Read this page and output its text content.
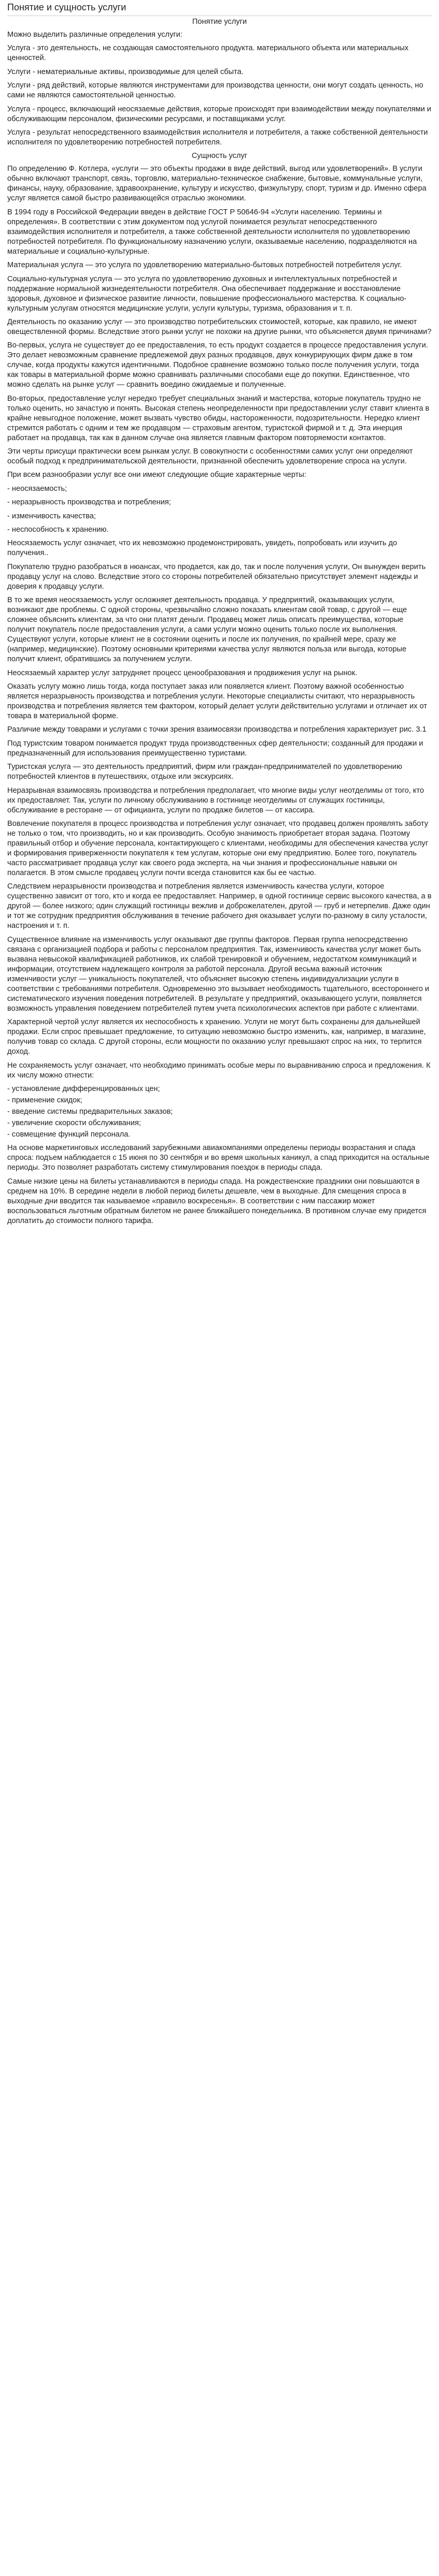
Понятие и сущность услуги

Понятие услуги

Можно выделить различные определения услуги:

Услуга - это деятельность, не создающая самостоятельного продукта. материального объекта или материальных ценностей.

Услуги - нематериальные активы, производимые для целей сбыта.

Услуги - ряд действий, которые являются инструментами для производства ценности, они могут создать ценность, но сами не являются самостоятельной ценностью.

Услуга - процесс, включающий неосязаемые действия, которые происходят при взаимодействии между покупателями и обслуживающим персоналом, физическими ресурсами, и поставщиками услуг.

Услуга - результат непосредственного взаимодействия исполнителя и потребителя, а также собственной деятельности исполнителя по удовлетворению потребностей потребителя.

Сущность услуг

По определению Ф. Котлера, «услуги — это объекты продажи в виде действий, выгод или удовлетворений». В услуги обычно включают транспорт, связь, торговлю, материально-техническое снабжение, бытовые, коммунальные услуги, финансы, науку, образование, здравоохранение, культуру и искусство, физкультуру, спорт, туризм и др. Именно сфера услуг является самой быстро развивающейся отраслью экономики.

В 1994 году в Российской Федерации введен в действие ГОСТ Р 50646-94 «Услуги населению. Термины и определения». В соответствии с этим документом под услугой понимается результат непосредственного взаимодействия исполнителя и потребителя, а также собственной деятельности исполнителя по удовлетворению потребностей потребителя. По функциональному назначению услуги, оказываемые населению, подразделяются на материальные и социально-культурные.

Материальная услуга — это услуга по удовлетворению материально-бытовых потребностей потребителя услуг.

Социально-культурная услуга — это услуга по удовлетворению духовных и интеллектуальных потребностей и поддержание нормальной жизнедеятельности потребителя. Она обеспечивает поддержание и восстановление здоровья, духовное и физическое развитие личности, повышение профессионального мастерства. К социально-культурным услугам относятся медицинские услуги, услуги культуры, туризма, образования и т. п.

Деятельность по оказанию услуг — это производство потребительских стоимостей, которые, как правило, не имеют овеществленной формы. Вследствие этого рынки услуг не похожи на другие рынки, что объясняется двумя причинами?

Во-первых, услуга не существует до ее предоставления, то есть продукт создается в процессе предоставления услуги. Это делает невозможным сравнение предлежемой двух разных продавцов, двух конкурирующих фирм даже в том случае, когда продукты кажутся идентичными. Подобное сравнение возможно только после получения услуги, тогда как товары в материальной форме можно сравнивать различными способами еще до покупки. Единственное, что можно сделать на рынке услуг — сравнить воедино ожидаемые и полученные.

Во-вторых, предоставление услуг нередко требует специальных знаний и мастерства, которые покупатель трудно не только оценить, но зачастую и понять. Высокая степень неопределенности при предоставлении услуг ставит клиента в крайне невыгодное положение, может вызвать чувство обиды, настороженности, подозрительности. Нередко клиент стремится работать с одним и тем же продавцом — страховым агентом, туристской фирмой и т. д. Эта инерция работает на продавца, так как в данном случае она является главным фактором повторяемости контактов.

Эти черты присущи практически всем рынкам услуг. В совокупности с особенностями самих услуг они определяют особый подход к предпринимательской деятельности, признанной обеспечить удовлетворение спроса на услуги.

При всем разнообразии услуг все они имеют следующие общие характерные черты:

- неосязаемость;

- неразрывность производства и потребления;

- изменчивость качества;

- неспособность к хранению.

Неосязаемость услуг означает, что их невозможно продемонстрировать, увидеть, попробовать или изучить до получения..

Покупателю трудно разобраться в нюансах, что продается, как до, так и после получения услуги, Он вынужден верить продавцу услуг на слово. Вследствие этого со стороны потребителей обязательно присутствует элемент надежды и доверия к продавцу услуги.

В то же время неосязаемость услуг осложняет деятельность продавца. У предприятий, оказывающих услуги, возникают две проблемы. С одной стороны, чрезвычайно сложно показать клиентам свой товар, с другой — еще сложнее объяснить клиентам, за что они платят деньги. Продавец может лишь описать преимущества, которые получит покупатель после предоставления услуги, а сами услуги можно оценить только после их выполнения. Существуют услуги, которые клиент не в состоянии оценить и после их получения, по крайней мере, сразу же (например, медицинские). Поэтому основными критериями качества услуг являются польза или выгода, которые получит клиент, обратившись за получением услуги.

Неосязаемый характер услуг затрудняет процесс ценообразования и продвижения услуг на рынок.

Оказать услугу можно лишь тогда, когда поступает заказ или появляется клиент. Поэтому важной особенностью является неразрывность производства и потребления услуги. Некоторые специалисты считают, что неразрывность производства и потребления является тем фактором, который делает услуги действительно услугами и отличает их от товара в материальной форме.

Различие между товарами и услугами с точки зрения взаимосвязи производства и потребления характеризует рис. 3.1

Под туристским товаром понимается продукт труда производственных сфер деятельности; созданный для продажи и предназначенный для использования преимущественно туристами.

Туристская услуга — это деятельность предприятий, фирм или граждан-предпринимателей по удовлетворению потребностей клиентов в путешествиях, отдыхе или экскурсиях.

Неразрывная взаимосвязь производства и потребления предполагает, что многие виды услуг неотделимы от того, кто их предоставляет. Так, услуги по личному обслуживанию в гостинице неотделимы от служащих гостиницы, обслуживание в ресторане — от официанта, услуги по продаже билетов — от кассира.

Вовлечение покупателя в процесс производства и потребления услуг означает, что продавец должен проявлять заботу не только о том, что производить, но и как производить. Особую значимость приобретает вторая задача. Поэтому правильный отбор и обучение персонала, контактирующего с клиентами, необходимы для обеспечения качества услуг и формирования приверженности покупателя к тем услугам, которые они ему предприятию. Более того, покупатель часто рассматривает продавца услуг как своего рода эксперта, на чьи знания и профессиональные навыки он полагается. В этом смысле продавец услуги почти всегда становится как бы ее частью.

Следствием неразрывности производства и потребления является изменчивость качества услуги, которое существенно зависит от того, кто и когда ее предоставляет. Например, в одной гостинице сервис высокого качества, а в другой — более низкого; один служащий гостиницы вежлив и доброжелателен, другой — груб и нетерпелив. Даже один и тот же сотрудник предприятия обслуживания в течение рабочего дня оказывает услуги по-разному в силу усталости, настроения и т. п.

Существенное влияние на изменчивость услуг оказывают две группы факторов. Первая группа непосредственно связана с организацией подбора и работы с персоналом предприятия. Так, изменчивость качества услуг может быть вызвана невысокой квалификацией работников, их слабой тренировкой и обучением, недостатком коммуникаций и информации, отсутствием надлежащего контроля за работой персонала. Другой весьма важный источник изменчивости услуг — уникальность покупателей, что объясняет высокую степень индивидуализации услуги в соответствии с требованиями потребителя. Одновременно это вызывает необходимость тщательного, всестороннего и систематического изучения поведения потребителей. В результате у предприятий, оказывающего услуги, появляется возможность управления поведением потребителей путем учета психологических аспектов при работе с клиентами.

Характерной чертой услуг является их неспособность к хранению. Услуги не могут быть сохранены для дальнейшей продажи. Если спрос превышает предложение, то ситуацию невозможно быстро изменить, как, например, в магазине, получив товар со склада. С другой стороны, если мощности по оказанию услуг превышают спрос на них, то терпится доход.

Не сохраняемость услуг означает, что необходимо принимать особые меры по выравниванию спроса и предложения. К их числу можно отнести:

- установление дифференцированных цен;

- применение скидок;

- введение системы предварительных заказов;

- увеличение скорости обслуживания;

- совмещение функций персонала.

На основе маркетинговых исследований зарубежными авиакомпаниями определены периоды возрастания и спада спроса: подъем наблюдается с 15 июня по 30 сентября и во время школьных каникул, а спад приходится на остальные периоды. Это позволяет разработать систему стимулирования поездок в периоды спада.

Самые низкие цены на билеты устанавливаются в периоды спада. На рождественские праздники они повышаются в среднем на 10%. В середине недели в любой период билеты дешевле, чем в выходные. Для смещения спроса в выходные дни вводится так называемое «правило воскресенья». В соответствии с ним пассажир может воспользоваться льготным обратным билетом не ранее ближайшего понедельника. В противном случае ему придется доплатить до стоимости полного тарифа.
